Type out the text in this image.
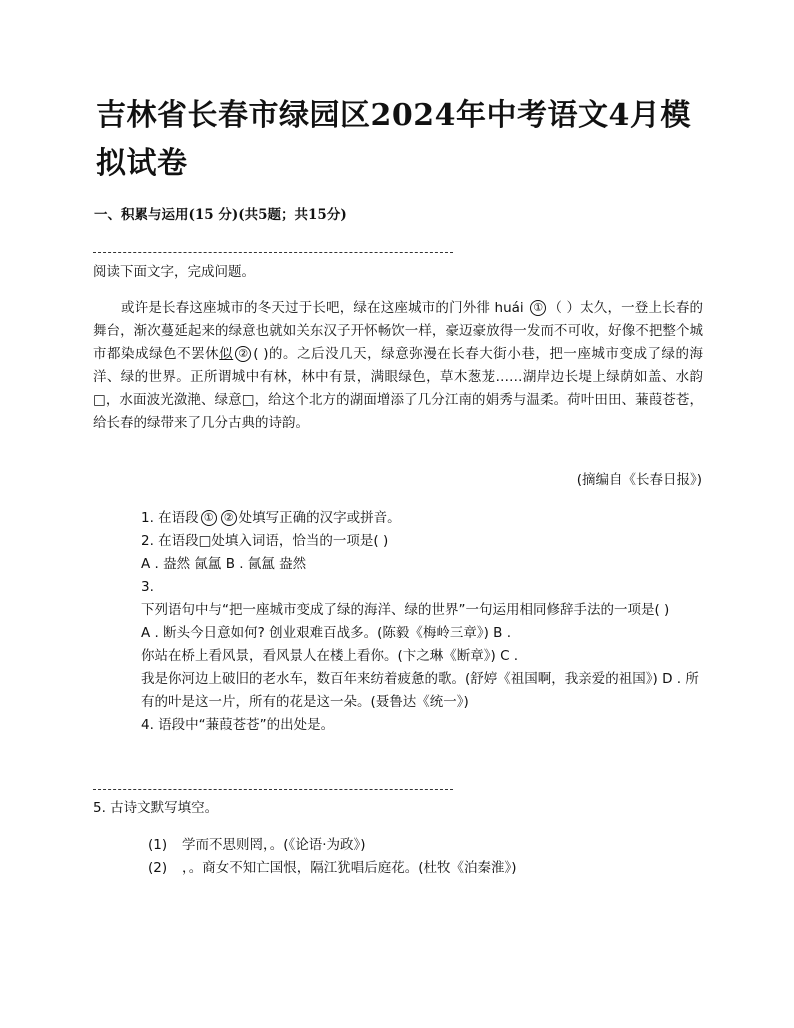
吉林省长春市绿园区2024年中考语文4月模拟试卷
一、积累与运用(15 分)(共5题；共15分)
阅读下面文字，完成问题。
或许是长春这座城市的冬天过于长吧，绿在这座城市的门外徘 huái ① （ ）太久，一登上长春的舞台，渐次蔓延起来的绿意也就如关东汉子开怀畅饮一样，豪迈豪放得一发而不可收，好像不把整个城市都染成绿色不罢休似 ② ( )的。之后没几天，绿意弥漫在长春大街小巷，把一座城市变成了绿的海洋、绿的世界。正所谓城中有林，林中有景，满眼绿色，草木葱茏……湖岸边长堤上绿荫如盖、水韵□，水面波光潋滟、绿意□，给这个北方的湖面增添了几分江南的娟秀与温柔。荷叶田田、蒹葭苍苍，给长春的绿带来了几分古典的诗韵。
(摘编自《长春日报》)
1. 在语段 ① ② 处填写正确的汉字或拼音。
2. 在语段□处填入词语，恰当的一项是( )
A . 盎然 氤氲 B . 氤氲 盎然
3.
下列语句中与“把一座城市变成了绿的海洋、绿的世界”一句运用相同修辞手法的一项是( )
A . 断头今日意如何? 创业艰难百战多。(陈毅《梅岭三章》) B .
你站在桥上看风景，看风景人在楼上看你。(卞之琳《断章》) C .
我是你河边上破旧的老水车，数百年来纺着疲惫的歌。(舒婷《祖国啊，我亲爱的祖国》) D . 所有的叶是这一片，所有的花是这一朵。(聂鲁达《统一》)
4. 语段中“蒹葭苍苍”的出处是。
5. 古诗文默写填空。
(1)	学而不思则罔，。(《论语·为政》)
(2)	，。商女不知亡国恨，隔江犹唱后庭花。(杜牧《泊秦淮》)
